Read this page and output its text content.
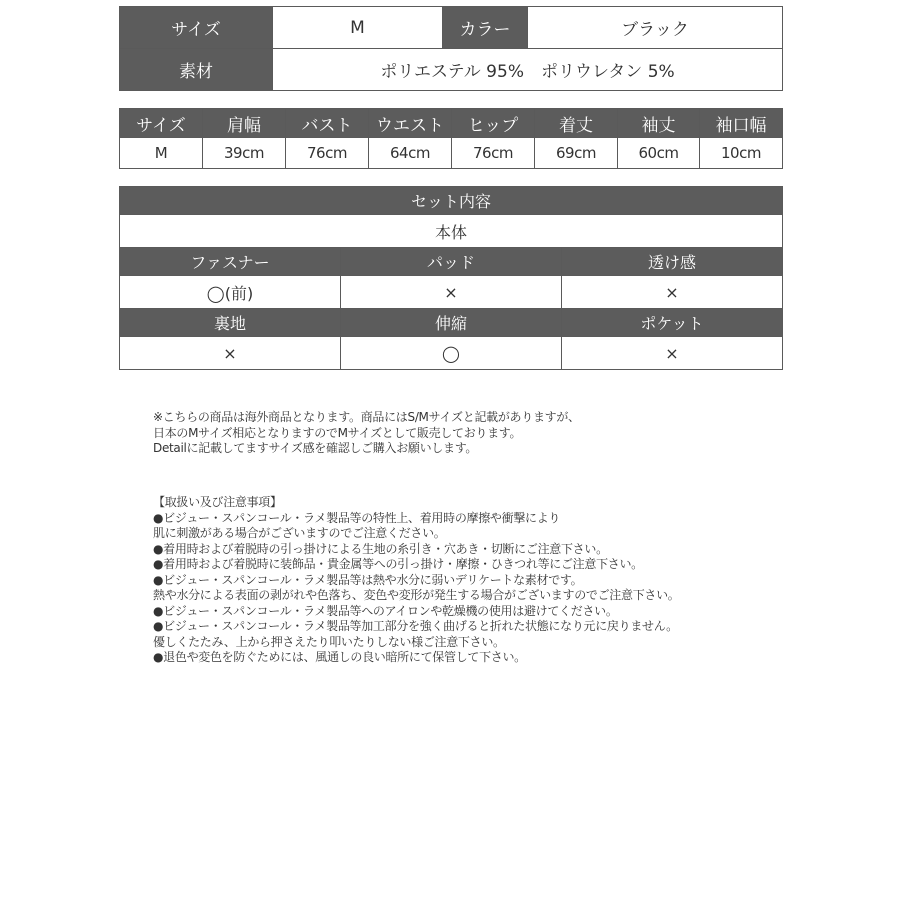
サイズ	M	カラー	ブラック
素材	ポリエステル 95%　ポリウレタン 5%		
サイズ	肩幅	バスト	ウエスト	ヒップ	着丈	袖丈	袖口幅
M	39cm	76cm	64cm	76cm	69cm	60cm	10cm
セット内容		
本体		
ファスナー	パッド	透け感
◯(前)	×	×
裏地	伸縮	ポケット
×	◯	×
※こちらの商品は海外商品となります。商品にはS/Mサイズと記載がありますが、
日本のMサイズ相応となりますのでMサイズとして販売しております。
Detailに記載してますサイズ感を確認しご購入お願いします。
【取扱い及び注意事項】
●ビジュー・スパンコール・ラメ製品等の特性上、着用時の摩擦や衝撃により
肌に刺激がある場合がございますのでご注意ください。
●着用時および着脱時の引っ掛けによる生地の糸引き・穴あき・切断にご注意下さい。
●着用時および着脱時に装飾品・貴金属等への引っ掛け・摩擦・ひきつれ等にご注意下さい。
●ビジュー・スパンコール・ラメ製品等は熱や水分に弱いデリケートな素材です。
熱や水分による表面の剥がれや色落ち、変色や変形が発生する場合がございますのでご注意下さい。
●ビジュー・スパンコール・ラメ製品等へのアイロンや乾燥機の使用は避けてください。
●ビジュー・スパンコール・ラメ製品等加工部分を強く曲げると折れた状態になり元に戻りません。
優しくたたみ、上から押さえたり叩いたりしない様ご注意下さい。
●退色や変色を防ぐためには、風通しの良い暗所にて保管して下さい。
